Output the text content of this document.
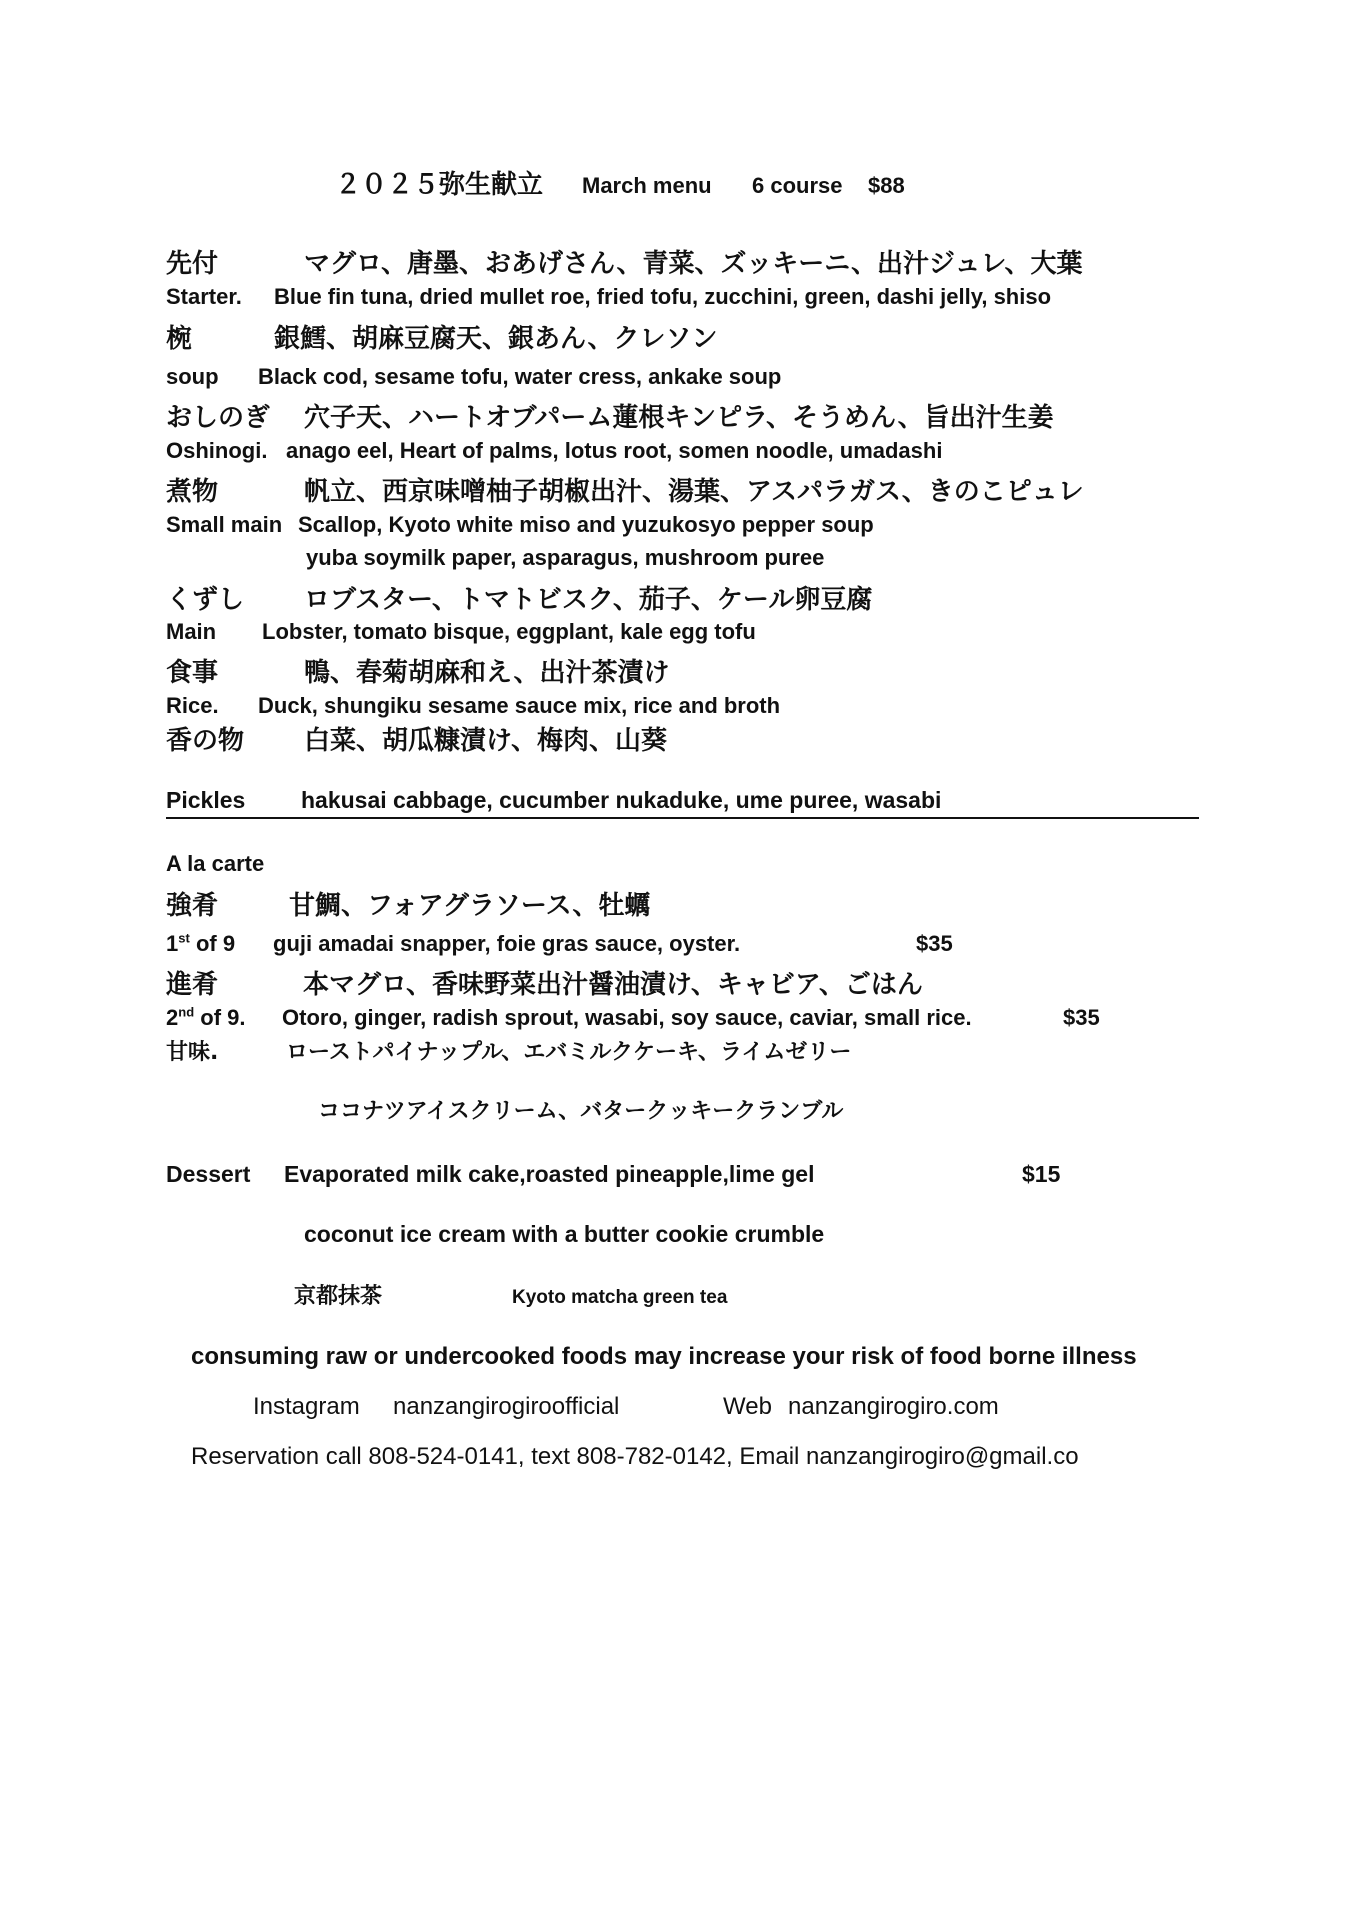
２０２５弥生献立 March menu 6 course $88
先付	マグロ、唐墨、おあげさん、青菜、ズッキーニ、出汁ジュレ、大葉
Starter. Blue fin tuna, dried mullet roe, fried tofu, zucchini, green, dashi jelly, shiso
椀	銀鱈、胡麻豆腐天、銀あん、クレソン
soup Black cod, sesame tofu, water cress, ankake soup
おしのぎ 穴子天、ハートオブパーム蓮根キンピラ、そうめん、旨出汁生姜
Oshinogi. anago eel, Heart of palms, lotus root, somen noodle, umadashi
煮物	帆立、西京味噌柚子胡椒出汁、湯葉、アスパラガス、きのこピュレ
Small main Scallop, Kyoto white miso and yuzukosyo pepper soup
yuba soymilk paper, asparagus, mushroom puree
くずし ロブスター、トマトビスク、茄子、ケール卵豆腐
Main Lobster, tomato bisque, eggplant, kale egg tofu
食事	鴨、春菊胡麻和え、出汁茶漬け
Rice. Duck, shungiku sesame sauce mix, rice and broth
香の物 白菜、胡瓜糠漬け、梅肉、山葵
Pickles hakusai cabbage, cucumber nukaduke, ume puree, wasabi
A la carte
強肴	甘鯛、フォアグラソース、牡蠣
1st of 9 guji amadai snapper, foie gras sauce, oyster.	$35
進肴	本マグロ、香味野菜出汁醤油漬け、キャビア、ごはん
2nd of 9. Otoro, ginger, radish sprout, wasabi, soy sauce, caviar, small rice.	$35
甘味.	ローストパイナップル、エバミルクケーキ、ライムゼリー
ココナツアイスクリーム、バタークッキークランブル
Dessert Evaporated milk cake,roasted pineapple,lime gel	$15
coconut ice cream with a butter cookie crumble
京都抹茶	Kyoto matcha green tea
consuming raw or undercooked foods may increase your risk of food borne illness
Instagram nanzangirogiroofficial	Web nanzangirogiro.com
Reservation call 808-524-0141, text 808-782-0142, Email nanzangirogiro@gmail.co
